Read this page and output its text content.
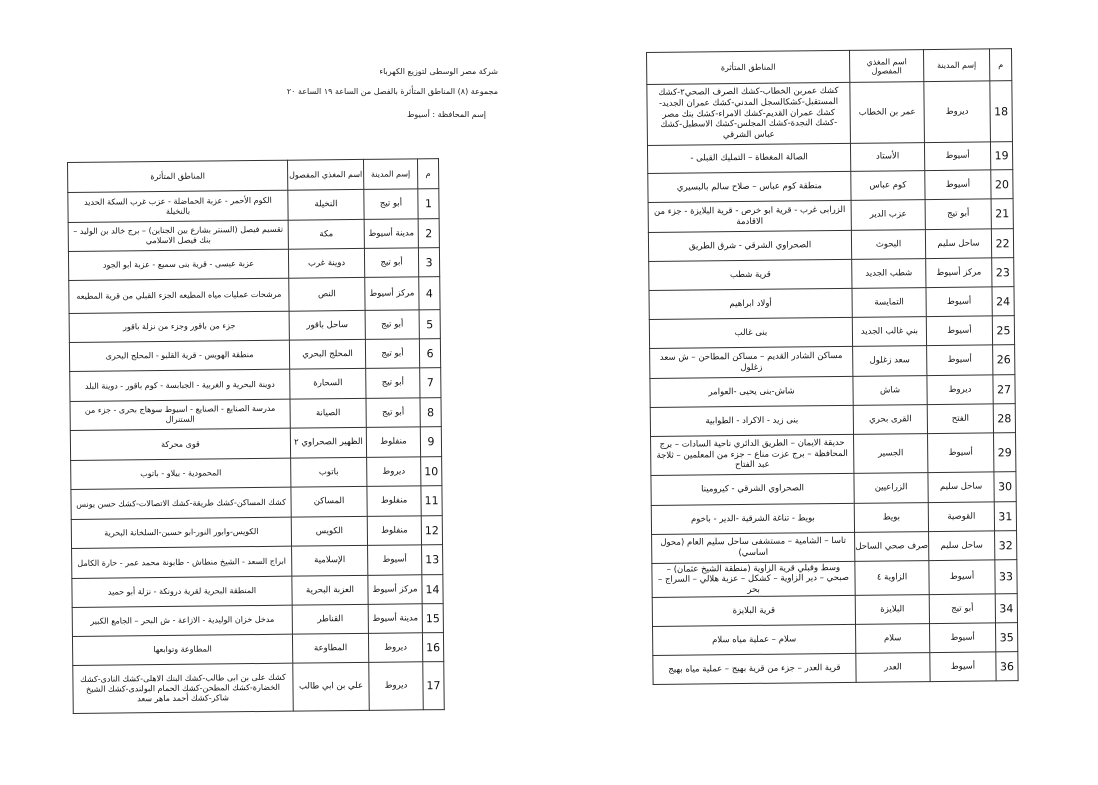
شركة مصر الوسطى لتوزيع الكهرباء
مجموعة (٨) المناطق المتأثرة بالفصل من الساعة ١٩ الساعة ٢٠
إسم المحافظة : أسيوط
م	إسم المدينة	اسم المغذي المفصول	المناطق المتأثرة
1	أبو تيج	النخيلة	الكوم الأحمر - عزبة الحماضلة - عزب غرب السكة الحديد بالنخيلة
2	مدينة أسيوط	مكة	تقسيم فيصل (السنتر بشارع بين الجناين) – برج خالد بن الوليد – بنك فيصل الاسلامي
3	أبو تيج	دوينة غرب	عزبة عيسى - قرية بنى سميع - عزبة ابو الجود
4	مركز أسيوط	النص	مرشحات عمليات مياه المطيعه الجزء القبلي من قرية المطيعه
5	أبو تيج	ساحل باقور	جزء من باقور وجزء من نزلة باقور
6	أبو تيج	المحلج البحري	منطقة الهويس - قرية القليو - المحلج البحرى
7	أبو تيج	السحارة	دوينة البحرية و الغربية - الجبابسة - كوم باقور - دوينة البلد
8	أبو تيج	الصيانة	مدرسة الصنايع - الصنايع - اسيوط سوهاج بحرى - جزء من الستنرال
9	منفلوط	الظهير الصحراوي ٢	قوى محركة
10	ديروط	باتوب	المحمودية - بيلاو - باتوب
11	منفلوط	المساكن	كشك المساكن-كشك طريقة-كشك الاتصالات-كشك حسن يونس
12	منفلوط	الكويس	الكويس-وابور النور-ابو حسين-السلخانة البحرية
13	أسيوط	الإسلامية	ابراج السعد - الشيخ منطاش - طابونة محمد عمر - حارة الكامل
14	مركز أسيوط	العزبة البحرية	المنطقة البحرية لقرية درونكة - نزلة أبو حميد
15	مدينة أسيوط	القناطر	مدخل خزان الوليدية - الازاعة - ش البحر – الجامع الكبير
16	ديروط	المطاوعة	المطاوعة وتوابعها
17	ديروط	علي بن ابي طالب	كشك على بن ابى طالب-كشك البنك الاهلى-كشك النادى-كشك الخضارة-كشك المطحن-كشك الحمام البولندى-كشك الشيخ شاكر-كشك أحمد ماهر سعد
م	إسم المدينة	اسم المغذي المفصول	المناطق المتأثرة
18	ديروط	عمر بن الخطاب	كشك عمربن الخطاب-كشك الصرف الصحي٢-كشك المستقبل-كشكالسجل المدني-كشك عمران الجديد-كشك عمران القديم-كشك الامراء-كشك بنك مصر -كشك النجدة-كشك المجلس-كشك الاسطبل-كشك عباس الشرقي
19	أسيوط	الأستاد	الصالة المغطاة – التمليك القبلى -
20	أسيوط	كوم عباس	منطقة كوم عباس – صلاح سالم بالبسيري
21	أبو تيج	عزب الدير	الزرابى غرب - قرية ابو خرص - قرية البلايزة - جزء من الاقادمة
22	ساحل سليم	البحوث	الصحراوي الشرقي - شرق الطريق
23	مركز أسيوط	شطب الجديد	قرية شطب
24	أسيوط	التمايسة	أولاد ابراهيم
25	أسيوط	بني غالب الجديد	بنى غالب
26	أسيوط	سعد زغلول	مساكن الشادر القديم – مساكن المطاحن – ش سعد زغلول
27	ديروط	شاش	شاش-بنى يحيى -العوامر
28	الفتح	القرى بحري	بنى زيد - الاكراد - الطوابية
29	أسيوط	الجسير	حديقة الايمان – الطريق الدائري ناحية السادات – برج المحافظة – برج عزت مناع – جزء من المعلمين – ثلاجة عبد الفتاح
30	ساحل سليم	الزراعيين	الصحراوي الشرقي - كيرومينا
31	القوصية	بويط	بويط - تناغة الشرقية -الدير - باخوم
32	ساحل سليم	صرف صحي الساحل	تاسا – الشامية – مستشفى ساحل سليم العام (محول اساسي)
33	أسيوط	الزاوية ٤	وسط وقبلي قرية الزاوية (منطقة الشيخ عثمان) – صبحي – دير الزاوية – كشكل – عزبة هلالي – السراج – بحر
34	أبو تيج	البلايزة	قرية البلايزة
35	أسيوط	سلام	سلام – عملية مياه سلام
36	أسيوط	العدر	قرية العدر – جزء من قرية بهيج – عملية مياه بهيج
